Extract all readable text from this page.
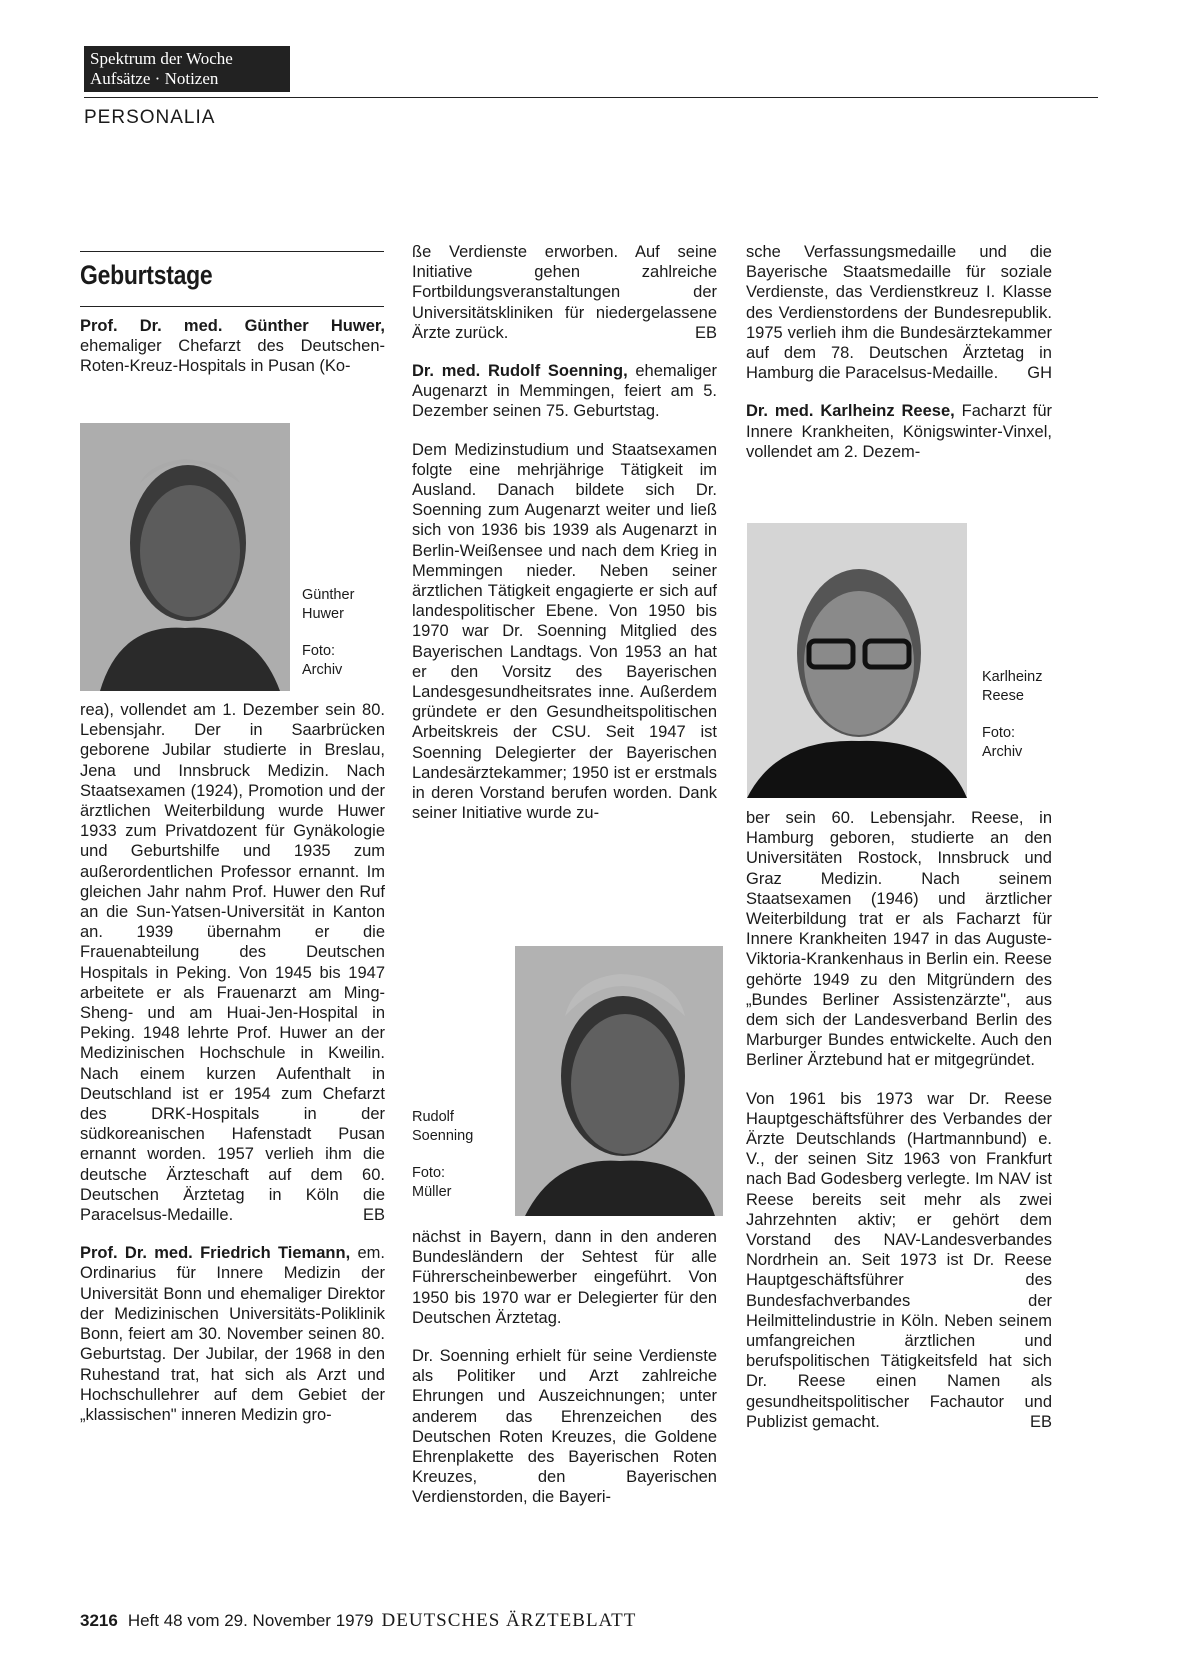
Spektrum der Woche
Aufsätze · Notizen
PERSONALIA
Geburtstage

Prof. Dr. med. Günther Huwer, ehemaliger Chefarzt des Deutschen-Roten-Kreuz-Hospitals in Pusan (Ko-

Günther
Huwer
Foto:
Archiv

rea), vollendet am 1. Dezember sein 80. Lebensjahr. Der in Saarbrücken geborene Jubilar studierte in Breslau, Jena und Innsbruck Medizin. Nach Staatsexamen (1924), Promotion und der ärztlichen Weiterbildung wurde Huwer 1933 zum Privatdozent für Gynäkologie und Geburtshilfe und 1935 zum außerordentlichen Professor ernannt. Im gleichen Jahr nahm Prof. Huwer den Ruf an die Sun-Yatsen-Universität in Kanton an. 1939 übernahm er die Frauenabteilung des Deutschen Hospitals in Peking. Von 1945 bis 1947 arbeitete er als Frauenarzt am Ming-Sheng- und am Huai-Jen-Hospital in Peking. 1948 lehrte Prof. Huwer an der Medizinischen Hochschule in Kweilin. Nach einem kurzen Aufenthalt in Deutschland ist er 1954 zum Chefarzt des DRK-Hospitals in der südkoreanischen Hafenstadt Pusan ernannt worden. 1957 verlieh ihm die deutsche Ärzteschaft auf dem 60. Deutschen Ärztetag in Köln die Paracelsus-Medaille.	EB

Prof. Dr. med. Friedrich Tiemann, em. Ordinarius für Innere Medizin der Universität Bonn und ehemaliger Direktor der Medizinischen Universitäts-Poliklinik Bonn, feiert am 30. November seinen 80. Geburtstag. Der Jubilar, der 1968 in den Ruhestand trat, hat sich als Arzt und Hochschullehrer auf dem Gebiet der „klassischen" inneren Medizin gro-

ße Verdienste erworben. Auf seine Initiative gehen zahlreiche Fortbildungsveranstaltungen der Universitätskliniken für niedergelassene Ärzte zurück.	EB

Dr. med. Rudolf Soenning, ehemaliger Augenarzt in Memmingen, feiert am 5. Dezember seinen 75. Geburtstag.

Dem Medizinstudium und Staatsexamen folgte eine mehrjährige Tätigkeit im Ausland. Danach bildete sich Dr. Soenning zum Augenarzt weiter und ließ sich von 1936 bis 1939 als Augenarzt in Berlin-Weißensee und nach dem Krieg in Memmingen nieder. Neben seiner ärztlichen Tätigkeit engagierte er sich auf landespolitischer Ebene. Von 1950 bis 1970 war Dr. Soenning Mitglied des Bayerischen Landtags. Von 1953 an hat er den Vorsitz des Bayerischen Landesgesundheitsrates inne. Außerdem gründete er den Gesundheitspolitischen Arbeitskreis der CSU. Seit 1947 ist Soenning Delegierter der Bayerischen Landesärztekammer; 1950 ist er erstmals in deren Vorstand berufen worden. Dank seiner Initiative wurde zu-

Rudolf
Soenning
Foto:
Müller

nächst in Bayern, dann in den anderen Bundesländern der Sehtest für alle Führerscheinbewerber eingeführt. Von 1950 bis 1970 war er Delegierter für den Deutschen Ärztetag.

Dr. Soenning erhielt für seine Verdienste als Politiker und Arzt zahlreiche Ehrungen und Auszeichnungen; unter anderem das Ehrenzeichen des Deutschen Roten Kreuzes, die Goldene Ehrenplakette des Bayerischen Roten Kreuzes, den Bayerischen Verdienstorden, die Bayeri-

sche Verfassungsmedaille und die Bayerische Staatsmedaille für soziale Verdienste, das Verdienstkreuz I. Klasse des Verdienstordens der Bundesrepublik. 1975 verlieh ihm die Bundesärztekammer auf dem 78. Deutschen Ärztetag in Hamburg die Paracelsus-Medaille. GH

Dr. med. Karlheinz Reese, Facharzt für Innere Krankheiten, Königswinter-Vinxel, vollendet am 2. Dezem-

Karlheinz
Reese
Foto:
Archiv

ber sein 60. Lebensjahr. Reese, in Hamburg geboren, studierte an den Universitäten Rostock, Innsbruck und Graz Medizin. Nach seinem Staatsexamen (1946) und ärztlicher Weiterbildung trat er als Facharzt für Innere Krankheiten 1947 in das Auguste-Viktoria-Krankenhaus in Berlin ein. Reese gehörte 1949 zu den Mitgründern des „Bundes Berliner Assistenzärzte", aus dem sich der Landesverband Berlin des Marburger Bundes entwickelte. Auch den Berliner Ärztebund hat er mitgegründet.

Von 1961 bis 1973 war Dr. Reese Hauptgeschäftsführer des Verbandes der Ärzte Deutschlands (Hartmannbund) e. V., der seinen Sitz 1963 von Frankfurt nach Bad Godesberg verlegte. Im NAV ist Reese bereits seit mehr als zwei Jahrzehnten aktiv; er gehört dem Vorstand des NAV-Landesverbandes Nordrhein an. Seit 1973 ist Dr. Reese Hauptgeschäftsführer des Bundesfachverbandes der Heilmittelindustrie in Köln. Neben seinem umfangreichen ärztlichen und berufspolitischen Tätigkeitsfeld hat sich Dr. Reese einen Namen als gesundheitspolitischer Fachautor und Publizist gemacht.	EB

3216 Heft 48 vom 29. November 1979 DEUTSCHES ÄRZTEBLATT
